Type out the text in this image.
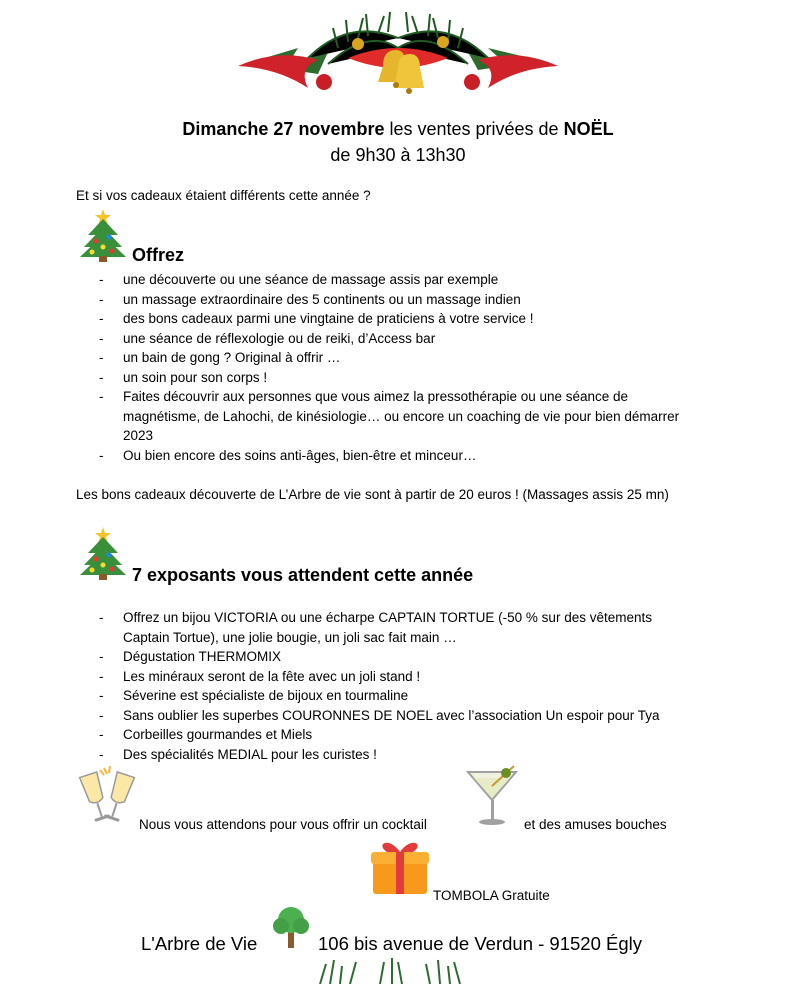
Dimanche 27 novembre les ventes privées de NOËL
de 9h30 à 13h30
Et si vos cadeaux étaient différents cette année ?
Offrez
- une découverte ou une séance de massage assis par exemple
- un massage extraordinaire des 5 continents ou un massage indien
- des bons cadeaux parmi une vingtaine de praticiens à votre service !
- une séance de réflexologie ou de reiki, d’Access bar
- un bain de gong ? Original à offrir …
- un soin pour son corps !
- Faites découvrir aux personnes que vous aimez la pressothérapie ou une séance de magnétisme, de Lahochi, de kinésiologie… ou encore un coaching de vie pour bien démarrer 2023
- Ou bien encore des soins anti-âges, bien-être et minceur…
Les bons cadeaux découverte de L’Arbre de vie sont à partir de 20 euros ! (Massages assis 25 mn)
7 exposants vous attendent cette année
- Offrez un bijou VICTORIA ou une écharpe CAPTAIN TORTUE (-50 % sur des vêtements Captain Tortue), une jolie bougie, un joli sac fait main …
- Dégustation THERMOMIX
- Les minéraux seront de la fête avec un joli stand !
- Séverine est spécialiste de bijoux en tourmaline
- Sans oublier les superbes COURONNES DE NOEL avec l’association Un espoir pour Tya
- Corbeilles gourmandes et Miels
- Des spécialités MEDIAL pour les curistes !
Nous vous attendons pour vous offrir un cocktail	et des amuses bouches
TOMBOLA Gratuite
L'Arbre de Vie	106 bis avenue de Verdun - 91520 Égly
